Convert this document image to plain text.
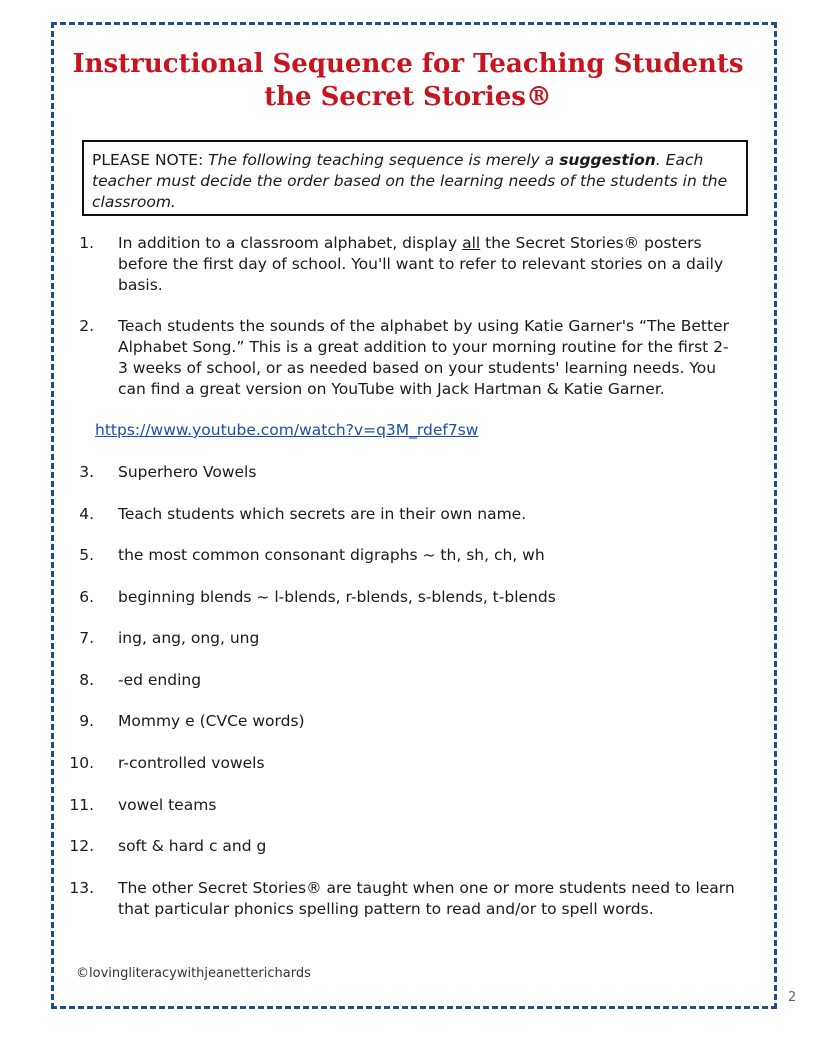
Instructional Sequence for Teaching Students
the Secret Stories®
PLEASE NOTE: The following teaching sequence is merely a suggestion. Each teacher must decide the order based on the learning needs of the students in the classroom.
1. In addition to a classroom alphabet, display all the Secret Stories® posters before the first day of school. You'll want to refer to relevant stories on a daily basis.
2. Teach students the sounds of the alphabet by using Katie Garner's “The Better Alphabet Song.” This is a great addition to your morning routine for the first 2-3 weeks of school, or as needed based on your students' learning needs. You can find a great version on YouTube with Jack Hartman & Katie Garner.
https://www.youtube.com/watch?v=q3M_rdef7sw
3. Superhero Vowels
4. Teach students which secrets are in their own name.
5. the most common consonant digraphs ~ th, sh, ch, wh
6. beginning blends ~ l-blends, r-blends, s-blends, t-blends
7. ing, ang, ong, ung
8. -ed ending
9. Mommy e (CVCe words)
10. r-controlled vowels
11. vowel teams
12. soft & hard c and g
13. The other Secret Stories® are taught when one or more students need to learn that particular phonics spelling pattern to read and/or to spell words.
©lovingliteracywithjeanetterichards
2
